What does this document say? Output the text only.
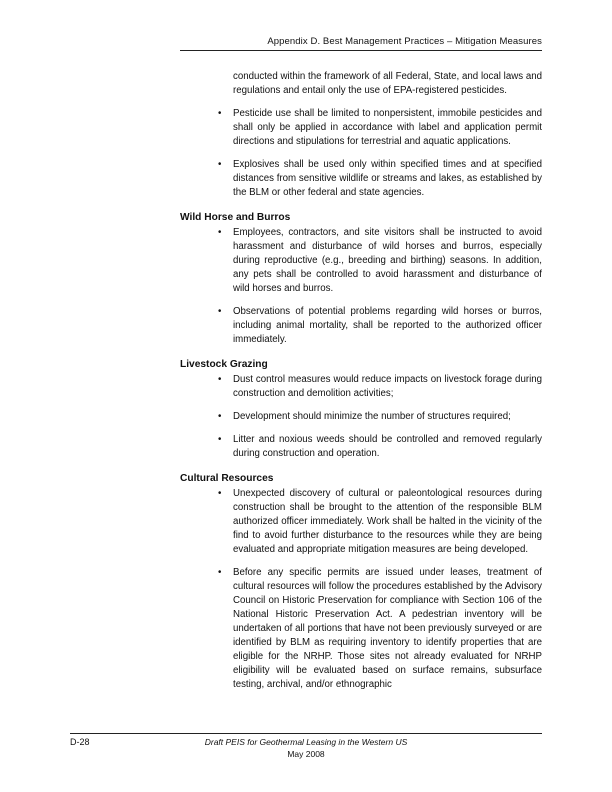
Appendix D. Best Management Practices – Mitigation Measures

conducted within the framework of all Federal, State, and local laws and regulations and entail only the use of EPA-registered pesticides.

• Pesticide use shall be limited to nonpersistent, immobile pesticides and shall only be applied in accordance with label and application permit directions and stipulations for terrestrial and aquatic applications.
• Explosives shall be used only within specified times and at specified distances from sensitive wildlife or streams and lakes, as established by the BLM or other federal and state agencies.
Wild Horse and Burros
• Employees, contractors, and site visitors shall be instructed to avoid harassment and disturbance of wild horses and burros, especially during reproductive (e.g., breeding and birthing) seasons. In addition, any pets shall be controlled to avoid harassment and disturbance of wild horses and burros.
• Observations of potential problems regarding wild horses or burros, including animal mortality, shall be reported to the authorized officer immediately.
Livestock Grazing
• Dust control measures would reduce impacts on livestock forage during construction and demolition activities;
• Development should minimize the number of structures required;
• Litter and noxious weeds should be controlled and removed regularly during construction and operation.
Cultural Resources
• Unexpected discovery of cultural or paleontological resources during construction shall be brought to the attention of the responsible BLM authorized officer immediately. Work shall be halted in the vicinity of the find to avoid further disturbance to the resources while they are being evaluated and appropriate mitigation measures are being developed.
• Before any specific permits are issued under leases, treatment of cultural resources will follow the procedures established by the Advisory Council on Historic Preservation for compliance with Section 106 of the National Historic Preservation Act. A pedestrian inventory will be undertaken of all portions that have not been previously surveyed or are identified by BLM as requiring inventory to identify properties that are eligible for the NRHP. Those sites not already evaluated for NRHP eligibility will be evaluated based on surface remains, subsurface testing, archival, and/or ethnographic
D-28	Draft PEIS for Geothermal Leasing in the Western US
May 2008
